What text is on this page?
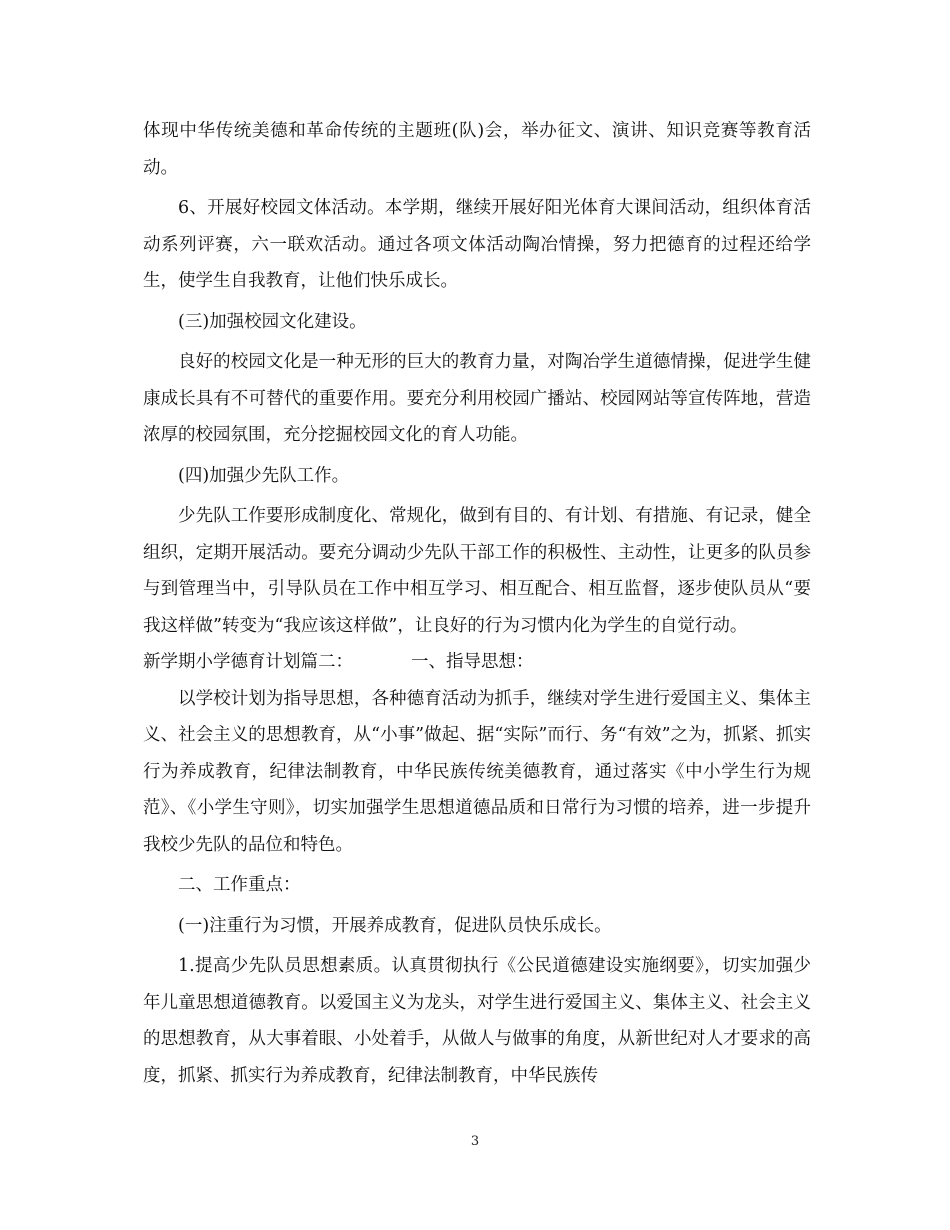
体现中华传统美德和革命传统的主题班(队)会，举办征文、演讲、知识竞赛等教育活动。

6、开展好校园文体活动。本学期，继续开展好阳光体育大课间活动，组织体育活动系列评赛，六一联欢活动。通过各项文体活动陶冶情操，努力把德育的过程还给学生，使学生自我教育，让他们快乐成长。

(三)加强校园文化建设。

良好的校园文化是一种无形的巨大的教育力量，对陶冶学生道德情操，促进学生健康成长具有不可替代的重要作用。要充分利用校园广播站、校园网站等宣传阵地，营造浓厚的校园氛围，充分挖掘校园文化的育人功能。

(四)加强少先队工作。

少先队工作要形成制度化、常规化，做到有目的、有计划、有措施、有记录，健全组织，定期开展活动。要充分调动少先队干部工作的积极性、主动性，让更多的队员参与到管理当中，引导队员在工作中相互学习、相互配合、相互监督，逐步使队员从“要我这样做”转变为“我应该这样做”，让良好的行为习惯内化为学生的自觉行动。

新学期小学德育计划篇二：	一、指导思想：

以学校计划为指导思想，各种德育活动为抓手，继续对学生进行爱国主义、集体主义、社会主义的思想教育，从“小事”做起、据“实际”而行、务“有效”之为，抓紧、抓实行为养成教育，纪律法制教育，中华民族传统美德教育，通过落实《中小学生行为规范》、《小学生守则》，切实加强学生思想道德品质和日常行为习惯的培养，进一步提升我校少先队的品位和特色。

二、工作重点：

(一)注重行为习惯，开展养成教育，促进队员快乐成长。

1.提高少先队员思想素质。认真贯彻执行《公民道德建设实施纲要》，切实加强少年儿童思想道德教育。以爱国主义为龙头，对学生进行爱国主义、集体主义、社会主义的思想教育，从大事着眼、小处着手，从做人与做事的角度，从新世纪对人才要求的高度，抓紧、抓实行为养成教育，纪律法制教育，中华民族传

3
